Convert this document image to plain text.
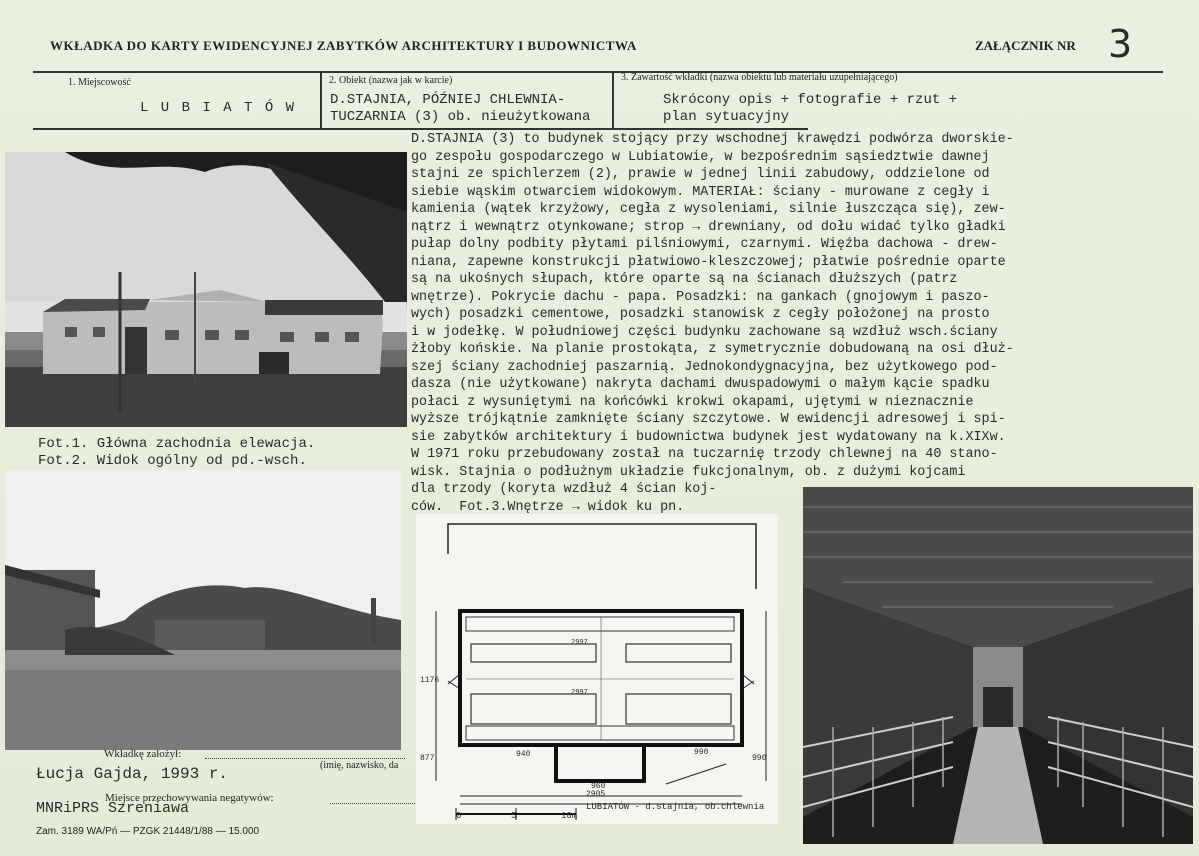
WKŁADKA DO KARTY EWIDENCYJNEJ ZABYTKÓW ARCHITEKTURY I BUDOWNICTWA	ZAŁĄCZNIK NR 3
1. Miejscowość
L U B I A T Ó W
2. Obiekt (nazwa jak w karcie)
D.STAJNIA, PÓŹNIEJ CHLEWNIA-
TUCZARNIA (3) ob. nieużytkowana
3. Zawartość wkładki (nazwa obiektu lub materiału uzupełniającego)
Skrócony opis + fotografie + rzut +
plan sytuacyjny
D.STAJNIA (3) to budynek stojący przy wschodnej krawędzi podwórza dworskie-
go zespołu gospodarczego w Lubiatowie, w bezpośrednim sąsiedztwie dawnej
stajni ze spichlerzem (2), prawie w jednej linii zabudowy, oddzielone od
siebie wąskim otwarciem widokowym. MATERIAŁ: ściany - murowane z cegły i
kamienia (wątek krzyżowy, cegła z wysoleniami, silnie łuszcząca się), zew-
nątrz i wewnątrz otynkowane; strop → drewniany, od dołu widać tylko gładki
pułap dolny podbity płytami pilśniowymi, czarnymi. Więźba dachowa - drew-
niana, zapewne konstrukcji płatwiowo-kleszczowej; płatwie pośrednie oparte
są na ukośnych słupach, które oparte są na ścianach dłuższych (patrz
wnętrze). Pokrycie dachu - papa. Posadzki: na gankach (gnojowym i paszo-
wych) posadzki cementowe, posadzki stanowisk z cegły położonej na prosto
i w jodełkę. W południowej części budynku zachowane są wzdłuż wsch.ściany
żłoby końskie. Na planie prostokąta, z symetrycznie dobudowaną na osi dłuż-
szej ściany zachodniej paszarnią. Jednokondygnacyjna, bez użytkowego pod-
dasza (nie użytkowane) nakryta dachami dwuspadowymi o małym kącie spadku
połaci z wysuniętymi na końcówki krokwi okapami, ujętymi w nieznacznie
wyższe trójkątnie zamknięte ściany szczytowe. W ewidencji adresowej i spi-
sie zabytków architektury i budownictwa budynek jest wydatowany na k.XIXw.
W 1971 roku przebudowany został na tuczarnię trzody chlewnej na 40 stano-
wisk. Stajnia o podłużnym układzie fukcjonalnym, ob. z dużymi kojcami
dla trzody (koryta wzdłuż 4 ścian koj-
ców.  Fot.3.Wnętrze → widok ku pn.
Fot.1. Główna zachodnia elewacja.
Fot.2. Widok ogólny od pd.-wsch.
Wkładkę założył:
(imię, nazwisko, da
Łucja Gajda, 1993 r.
Miejsce przechowywania negatywów:
MNRiPRS Szreniawa
Zam. 3189 WA/Pń — PZGK 21448/1/88 — 15.000
0	5	10m
LUBIATÓW - d.stajnia, ob.chlewnia
2905
960
1176
877	940	990
990
2997
2997
